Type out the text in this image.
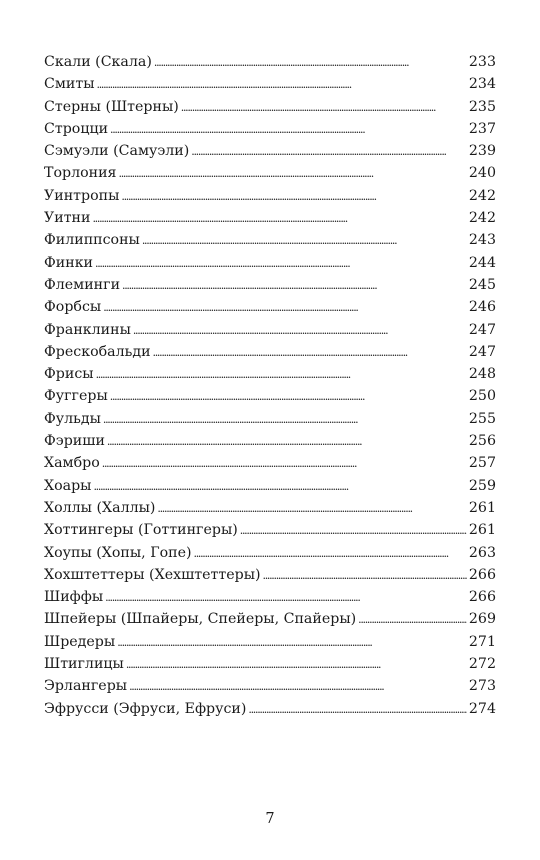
Скали (Скала) . . .	233
Смиты . . .	234
Стерны (Штерны) . . .	235
Строцци . . .	237
Сэмуэли (Самуэли) . . .	239
Торлония . . .	240
Уинтропы . . .	242
Уитни . . .	242
Филиппсоны . . .	243
Финки . . .	244
Флеминги . . .	245
Форбсы . . .	246
Франклины . . .	247
Фрескобальди . . .	247
Фрисы . . .	248
Фуггеры . . .	250
Фульды . . .	255
Фэриши . . .	256
Хамбро . . .	257
Хоары . . .	259
Холлы (Халлы) . . .	261
Хоттингеры (Готтингеры) . . .	261
Хоупы (Хопы, Гопе) . . .	263
Хохштеттеры (Хехштеттеры) . . .	266
Шиффы . . .	266
Шпейеры (Шпайеры, Спейеры, Спайеры) . . .	269
Шредеры . . .	271
Штиглицы . . .	272
Эрлангеры . . .	273
Эфрусси (Эфруси, Ефруси) . . .	274
7
